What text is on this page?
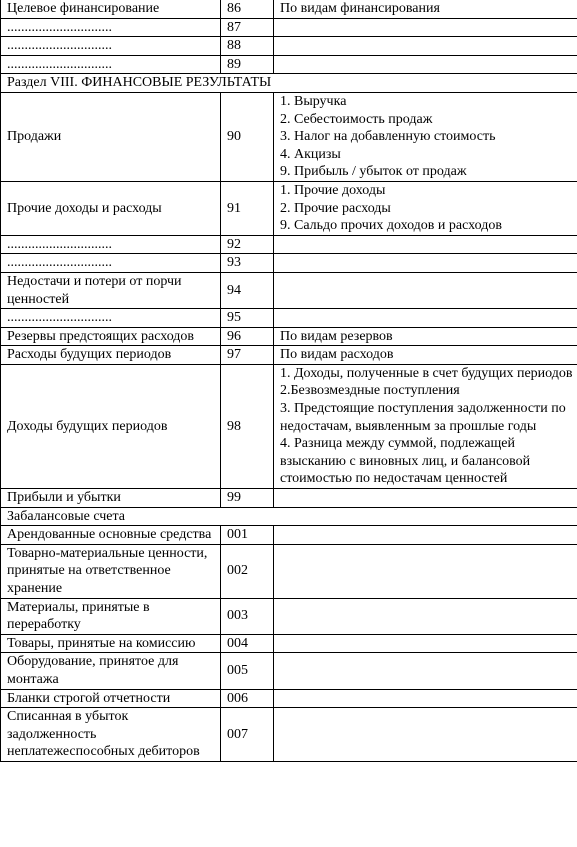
Целевое финансирование	86	По видам финансирования
..............................	87	
..............................	88	
..............................	89	
Раздел VIII. ФИНАНСОВЫЕ РЕЗУЛЬТАТЫ		
Продажи	90	1. Выручка
2. Себестоимость продаж
3. Налог на добавленную стоимость
4. Акцизы
9. Прибыль / убыток от продаж
Прочие доходы и расходы	91	1. Прочие доходы
2. Прочие расходы
9. Сальдо прочих доходов и расходов
..............................	92	
..............................	93	
Недостачи и потери от порчи ценностей	94	
..............................	95	
Резервы предстоящих расходов	96	По видам резервов
Расходы будущих периодов	97	По видам расходов
Доходы будущих периодов	98	1. Доходы, полученные в счет будущих периодов
2.Безвозмездные поступления
3. Предстоящие поступления задолженности по недостачам, выявленным за прошлые годы
4. Разница между суммой, подлежащей взысканию с виновных лиц, и балансовой стоимостью по недостачам ценностей
Прибыли и убытки	99	
Забалансовые счета		
Арендованные основные средства	001	
Товарно-материальные ценности, принятые на ответственное хранение	002	
Материалы, принятые в переработку	003	
Товары, принятые на комиссию	004	
Оборудование, принятое для монтажа	005	
Бланки строгой отчетности	006	
Списанная в убыток задолженность неплатежеспособных дебиторов	007	
